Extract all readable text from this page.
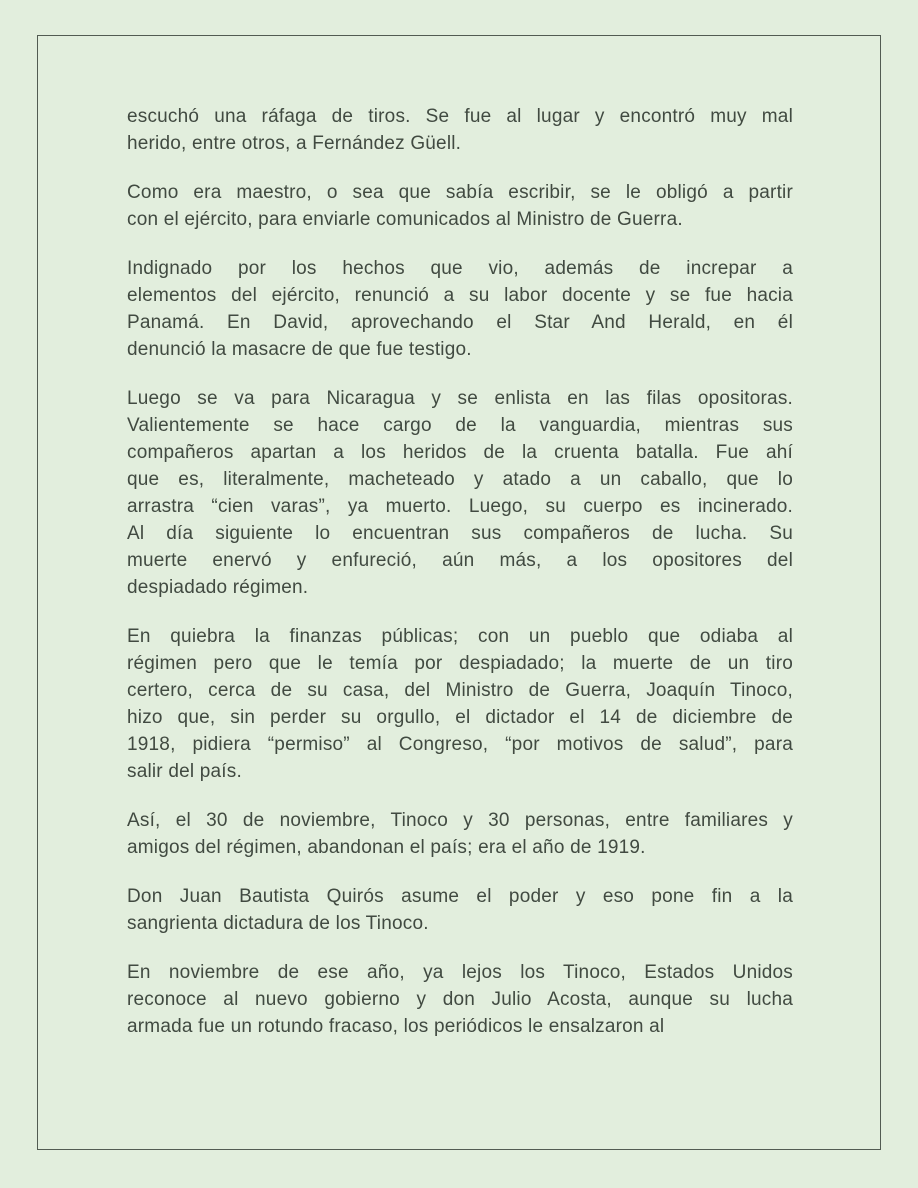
escuchó una ráfaga de tiros. Se fue al lugar y encontró muy mal
herido, entre otros, a Fernández Güell.

Como era maestro, o sea que sabía escribir, se le obligó a partir
con el ejército, para enviarle comunicados al Ministro de Guerra.

Indignado por los hechos que vio, además de increpar a
elementos del ejército, renunció a su labor docente y se fue hacia
Panamá. En David, aprovechando el Star And Herald, en él
denunció la masacre de que fue testigo.

Luego se va para Nicaragua y se enlista en las filas opositoras.
Valientemente se hace cargo de la vanguardia, mientras sus
compañeros apartan a los heridos de la cruenta batalla. Fue ahí
que es, literalmente, macheteado y atado a un caballo, que lo
arrastra “cien varas”, ya muerto. Luego, su cuerpo es incinerado.
Al día siguiente lo encuentran sus compañeros de lucha. Su
muerte enervó y enfureció, aún más, a los opositores del
despiadado régimen.

En quiebra la finanzas públicas; con un pueblo que odiaba al
régimen pero que le temía por despiadado; la muerte de un tiro
certero, cerca de su casa, del Ministro de Guerra, Joaquín Tinoco,
hizo que, sin perder su orgullo, el dictador el 14 de diciembre de
1918, pidiera “permiso” al Congreso, “por motivos de salud”, para
salir del país.

Así, el 30 de noviembre, Tinoco y 30 personas, entre familiares y
amigos del régimen, abandonan el país; era el año de 1919.

Don Juan Bautista Quirós asume el poder y eso pone fin a la
sangrienta dictadura de los Tinoco.

En noviembre de ese año, ya lejos los Tinoco, Estados Unidos
reconoce al nuevo gobierno y don Julio Acosta, aunque su lucha
armada fue un rotundo fracaso, los periódicos le ensalzaron al
